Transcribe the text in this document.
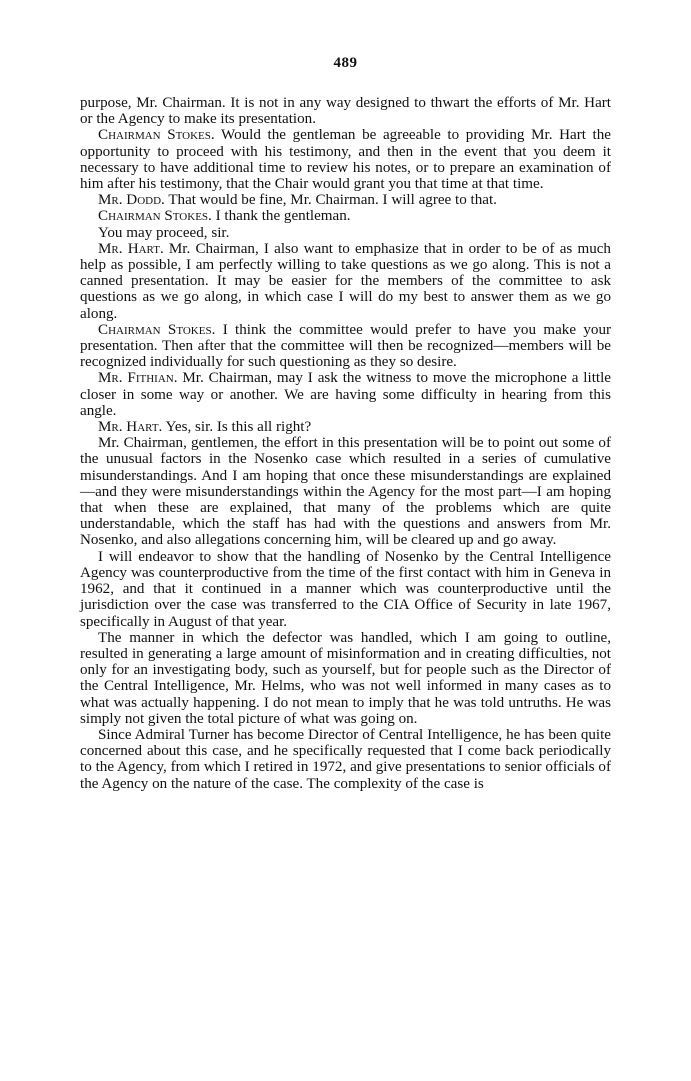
489

purpose, Mr. Chairman. It is not in any way designed to thwart the efforts of Mr. Hart or the Agency to make its presentation.

Chairman Stokes. Would the gentleman be agreeable to providing Mr. Hart the opportunity to proceed with his testimony, and then in the event that you deem it necessary to have additional time to review his notes, or to prepare an examination of him after his testimony, that the Chair would grant you that time at that time.

Mr. Dodd. That would be fine, Mr. Chairman. I will agree to that.

Chairman Stokes. I thank the gentleman.

You may proceed, sir.

Mr. Hart. Mr. Chairman, I also want to emphasize that in order to be of as much help as possible, I am perfectly willing to take questions as we go along. This is not a canned presentation. It may be easier for the members of the committee to ask questions as we go along, in which case I will do my best to answer them as we go along.

Chairman Stokes. I think the committee would prefer to have you make your presentation. Then after that the committee will then be recognized—members will be recognized individually for such questioning as they so desire.

Mr. Fithian. Mr. Chairman, may I ask the witness to move the microphone a little closer in some way or another. We are having some difficulty in hearing from this angle.

Mr. Hart. Yes, sir. Is this all right?

Mr. Chairman, gentlemen, the effort in this presentation will be to point out some of the unusual factors in the Nosenko case which resulted in a series of cumulative misunderstandings. And I am hoping that once these misunderstandings are explained—and they were misunderstandings within the Agency for the most part—I am hoping that when these are explained, that many of the problems which are quite understandable, which the staff has had with the questions and answers from Mr. Nosenko, and also allegations concerning him, will be cleared up and go away.

I will endeavor to show that the handling of Nosenko by the Central Intelligence Agency was counterproductive from the time of the first contact with him in Geneva in 1962, and that it continued in a manner which was counterproductive until the jurisdiction over the case was transferred to the CIA Office of Security in late 1967, specifically in August of that year.

The manner in which the defector was handled, which I am going to outline, resulted in generating a large amount of misinformation and in creating difficulties, not only for an investigating body, such as yourself, but for people such as the Director of the Central Intelligence, Mr. Helms, who was not well informed in many cases as to what was actually happening. I do not mean to imply that he was told untruths. He was simply not given the total picture of what was going on.

Since Admiral Turner has become Director of Central Intelligence, he has been quite concerned about this case, and he specifically requested that I come back periodically to the Agency, from which I retired in 1972, and give presentations to senior officials of the Agency on the nature of the case. The complexity of the case is
